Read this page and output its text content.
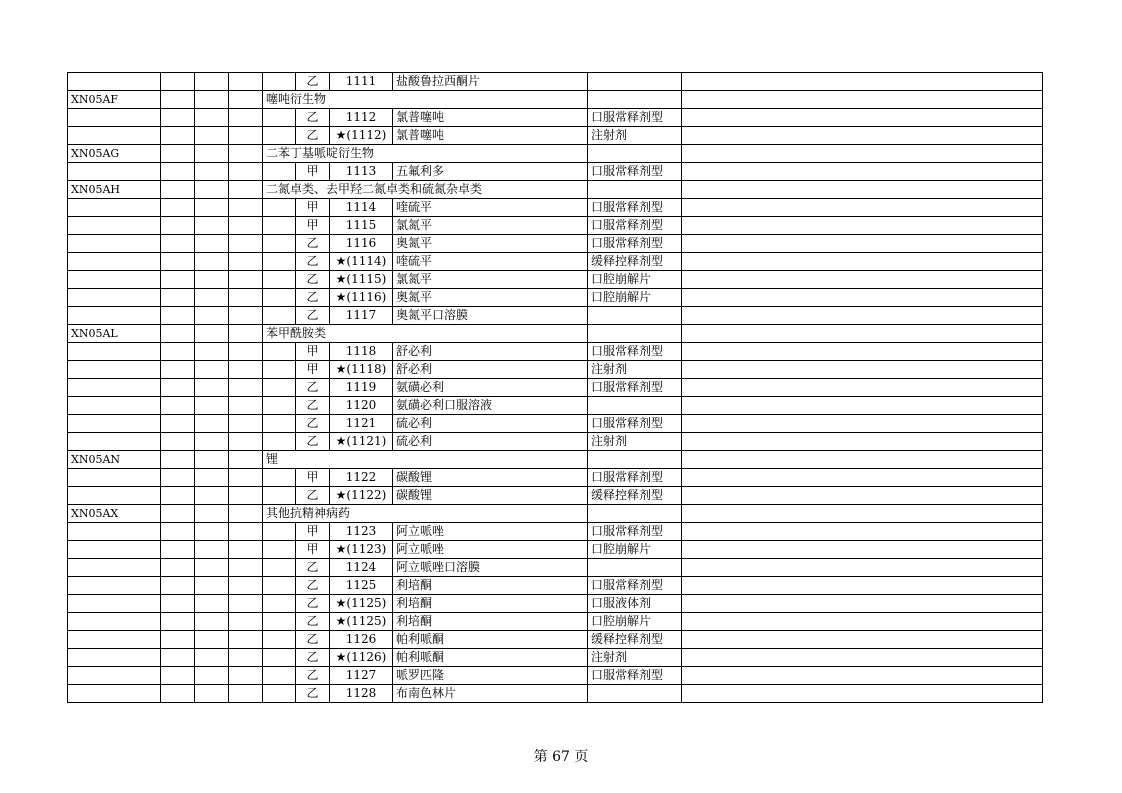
					乙	1111	盐酸鲁拉西酮片		
XN05AF				噻吨衍生物					
					乙	1112	氯普噻吨	口服常释剂型	
					乙	★(1112)	氯普噻吨	注射剂	
XN05AG				二苯丁基哌啶衍生物					
					甲	1113	五氟利多	口服常释剂型	
XN05AH				二氮卓类、去甲羟二氮卓类和硫氮杂卓类					
					甲	1114	喹硫平	口服常释剂型	
					甲	1115	氯氮平	口服常释剂型	
					乙	1116	奥氮平	口服常释剂型	
					乙	★(1114)	喹硫平	缓释控释剂型	
					乙	★(1115)	氯氮平	口腔崩解片	
					乙	★(1116)	奥氮平	口腔崩解片	
					乙	1117	奥氮平口溶膜		
XN05AL				苯甲酰胺类					
					甲	1118	舒必利	口服常释剂型	
					甲	★(1118)	舒必利	注射剂	
					乙	1119	氨磺必利	口服常释剂型	
					乙	1120	氨磺必利口服溶液		
					乙	1121	硫必利	口服常释剂型	
					乙	★(1121)	硫必利	注射剂	
XN05AN				锂					
					甲	1122	碳酸锂	口服常释剂型	
					乙	★(1122)	碳酸锂	缓释控释剂型	
XN05AX				其他抗精神病药					
					甲	1123	阿立哌唑	口服常释剂型	
					甲	★(1123)	阿立哌唑	口腔崩解片	
					乙	1124	阿立哌唑口溶膜		
					乙	1125	利培酮	口服常释剂型	
					乙	★(1125)	利培酮	口服液体剂	
					乙	★(1125)	利培酮	口腔崩解片	
					乙	1126	帕利哌酮	缓释控释剂型	
					乙	★(1126)	帕利哌酮	注射剂	
					乙	1127	哌罗匹隆	口服常释剂型	
					乙	1128	布南色林片		
第 67 页
